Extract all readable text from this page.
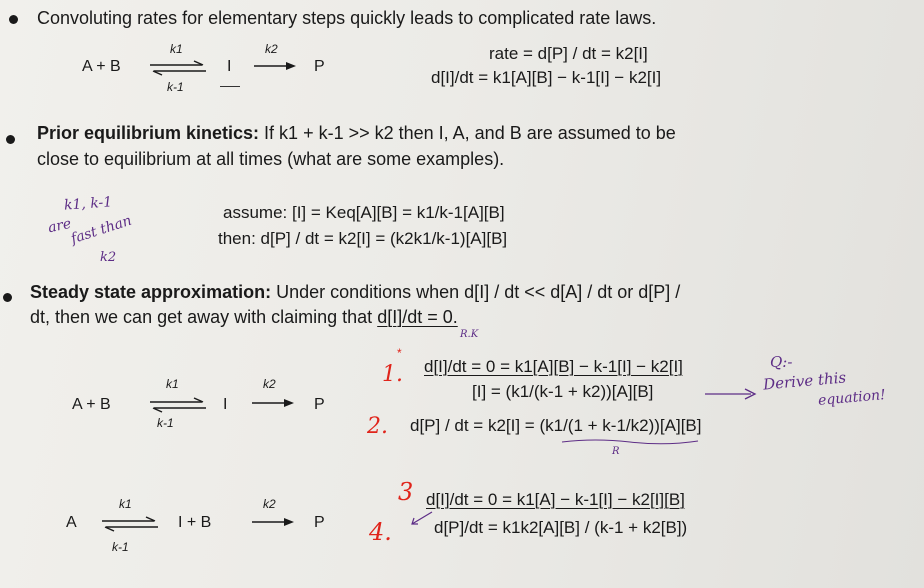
Convoluting rates for elementary steps quickly leads to complicated rate laws.
A + B
k1
k-1
I
k2
P
rate = d[P] / dt = k2[I]
d[I]/dt = k1[A][B] − k-1[I] − k2[I]
Prior equilibrium kinetics: If k1 + k-1 >> k2 then I, A, and B are assumed to be
close to equilibrium at all times (what are some examples).
k1, k-1
are
fast than
k2
assume: [I] = Keq[A][B] = k1/k-1[A][B]
then: d[P] / dt = k2[I] = (k2k1/k-1)[A][B]
Steady state approximation: Under conditions when d[I] / dt << d[A] / dt or d[P] /
dt, then we can get away with claiming that d[I]/dt = 0.
R.K
A + B
k1
k-1
I
k2
P
*
1. d[I]/dt = 0 = k1[A][B] − k-1[I] − k2[I]	Q:-
[I] = (k1/(k-1 + k2))[A][B]	Derive this
equation!
2. d[P] / dt = k2[I] = (k1/(1 + k-1/k2))[A][B]
R
A
k1
k-1
I + B
k2
P
3 d[I]/dt = 0 = k1[A] − k-1[I] − k2[I][B]
4. d[P]/dt = k1k2[A][B] / (k-1 + k2[B])
